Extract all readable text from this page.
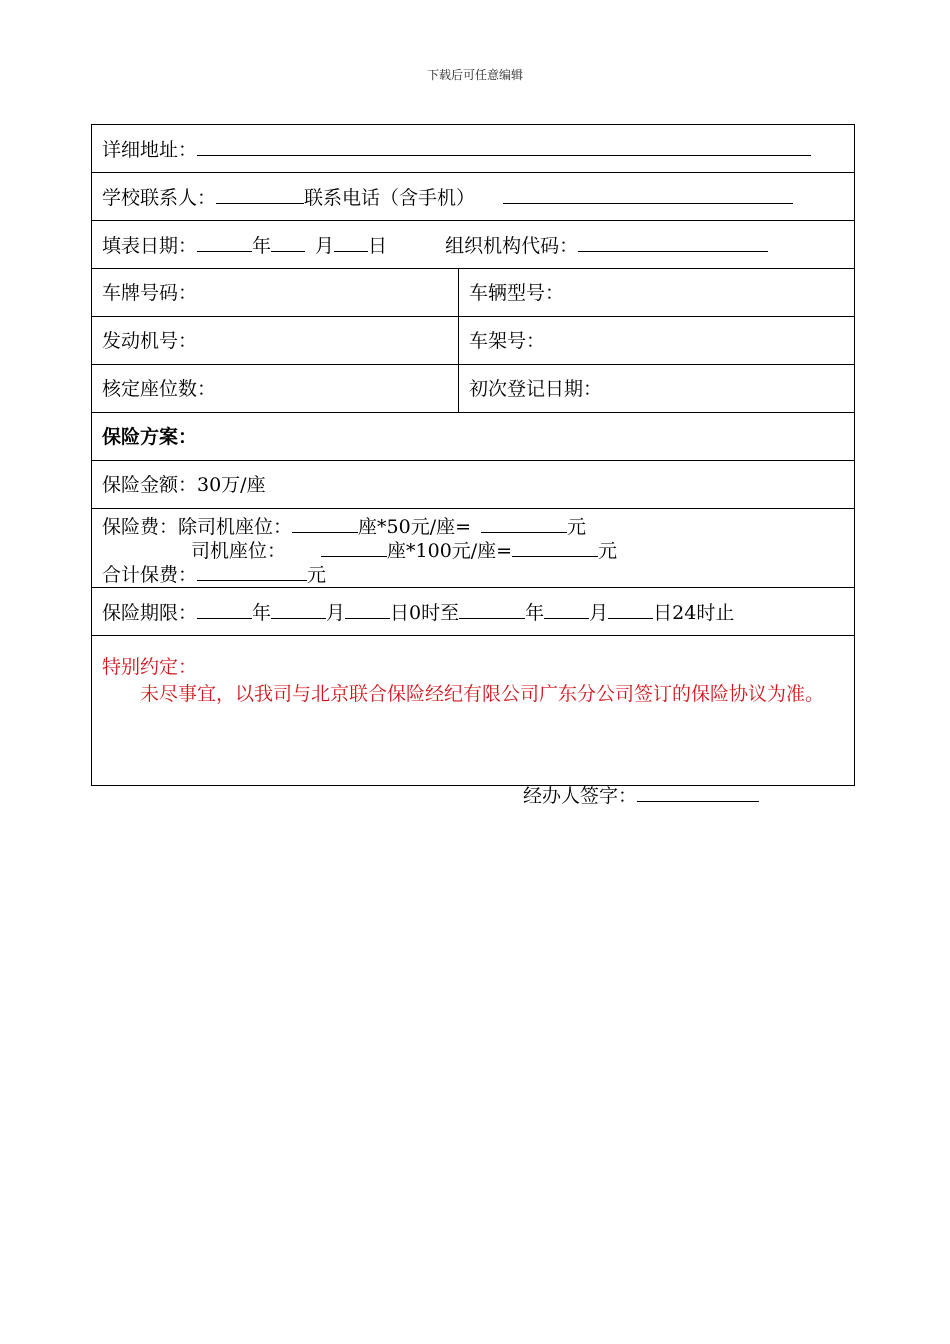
下载后可任意编辑
详细地址：	
学校联系人： 联系电话（含手机）	
填表日期： 年 月 日 组织机构代码：	
车牌号码：	车辆型号：
发动机号：	车架号：
核定座位数：	初次登记日期：
保险方案：	
保险金额：30万/座	

保险费：除司机座位： 座*50元/座= 元
司机座位： 座*100元/座= 元
合计保费： 元	

保险期限： 年 月 日0时至 年 月 日24时止	

特别约定：

未尽事宜，以我司与北京联合保险经纪有限公司广东分公司签订的保险协议为准。	

经办人签字：
